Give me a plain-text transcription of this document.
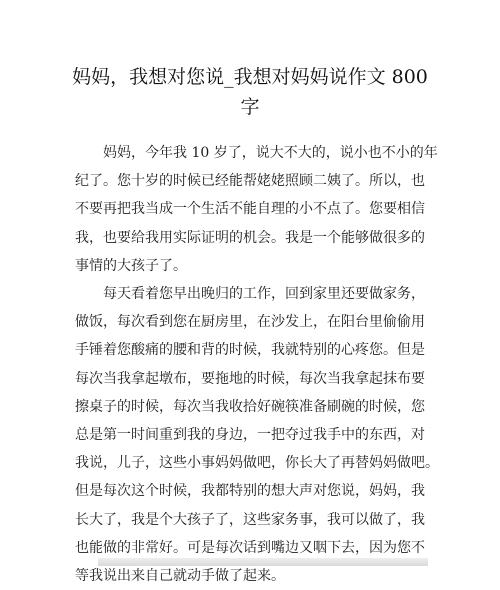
妈妈，我想对您说_我想对妈妈说作文 800
字
妈妈，今年我 10 岁了，说大不大的，说小也不小的年
纪了。您十岁的时候已经能帮姥姥照顾二姨了。所以，也
不要再把我当成一个生活不能自理的小不点了。您要相信
我，也要给我用实际证明的机会。我是一个能够做很多的
事情的大孩子了。
每天看着您早出晚归的工作，回到家里还要做家务，
做饭，每次看到您在厨房里，在沙发上，在阳台里偷偷用
手锤着您酸痛的腰和背的时候，我就特别的心疼您。但是
每次当我拿起墩布，要拖地的时候，每次当我拿起抹布要
擦桌子的时候，每次当我收拾好碗筷准备刷碗的时候，您
总是第一时间重到我的身边，一把夺过我手中的东西，对
我说，儿子，这些小事妈妈做吧，你长大了再替妈妈做吧。
但是每次这个时候，我都特别的想大声对您说，妈妈，我
长大了，我是个大孩子了，这些家务事，我可以做了，我
也能做的非常好。可是每次话到嘴边又咽下去，因为您不
等我说出来自己就动手做了起来。
